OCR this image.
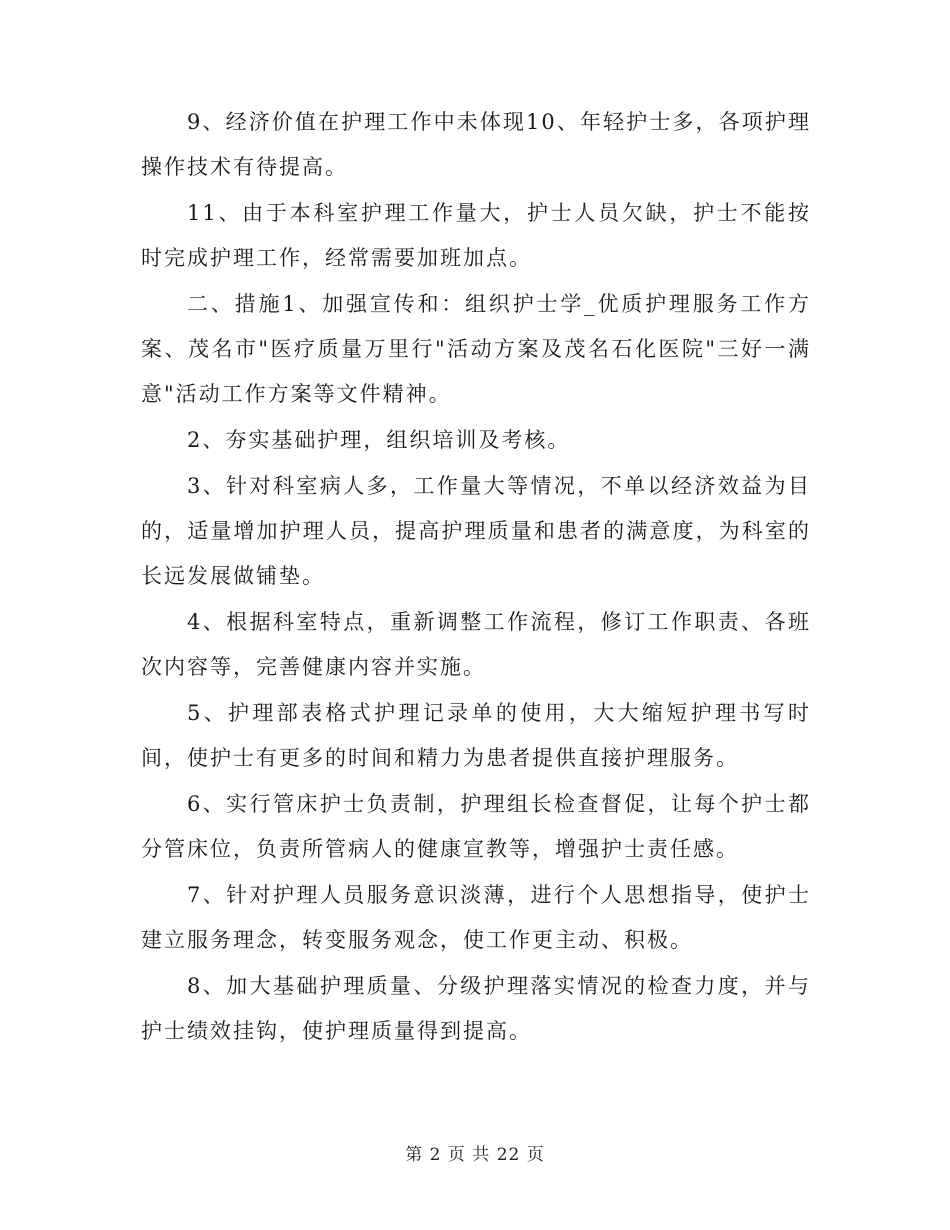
9、经济价值在护理工作中未体现10、年轻护士多，各项护理操作技术有待提高。

11、由于本科室护理工作量大，护士人员欠缺，护士不能按时完成护理工作，经常需要加班加点。

二、措施1、加强宣传和：组织护士学_优质护理服务工作方案、茂名市"医疗质量万里行"活动方案及茂名石化医院"三好一满意"活动工作方案等文件精神。

2、夯实基础护理，组织培训及考核。

3、针对科室病人多，工作量大等情况，不单以经济效益为目的，适量增加护理人员，提高护理质量和患者的满意度，为科室的长远发展做铺垫。

4、根据科室特点，重新调整工作流程，修订工作职责、各班次内容等，完善健康内容并实施。

5、护理部表格式护理记录单的使用，大大缩短护理书写时间，使护士有更多的时间和精力为患者提供直接护理服务。

6、实行管床护士负责制，护理组长检查督促，让每个护士都分管床位，负责所管病人的健康宣教等，增强护士责任感。

7、针对护理人员服务意识淡薄，进行个人思想指导，使护士建立服务理念，转变服务观念，使工作更主动、积极。

8、加大基础护理质量、分级护理落实情况的检查力度，并与护士绩效挂钩，使护理质量得到提高。

第 2 页 共 22 页
